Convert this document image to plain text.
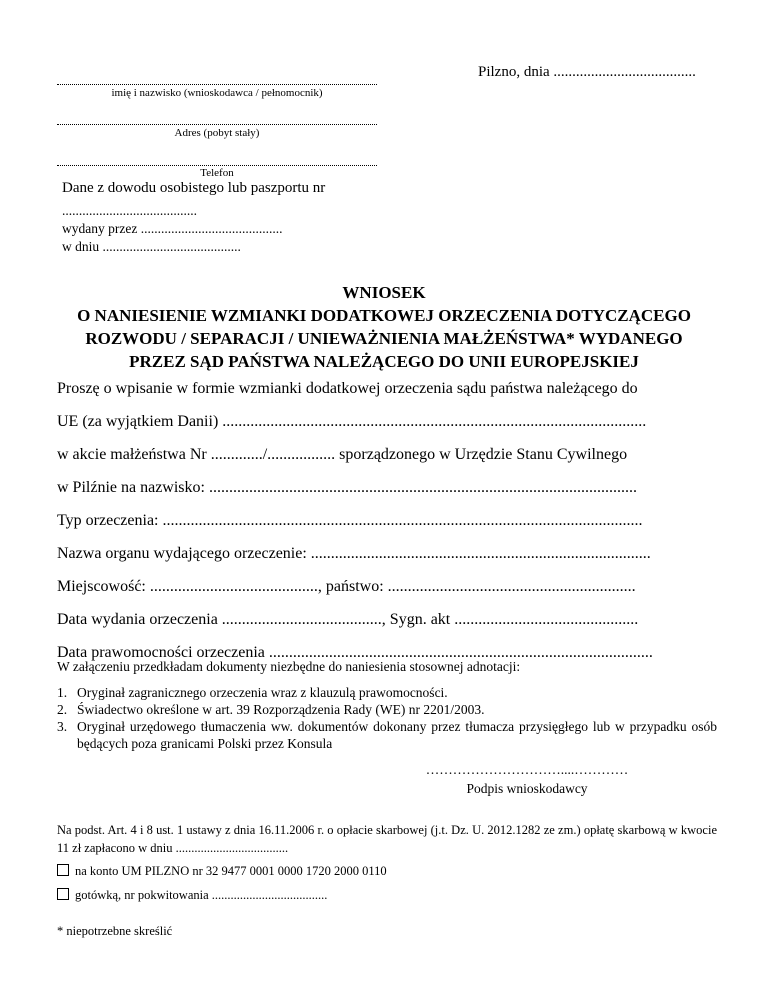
Pilzno, dnia ......................................
imię i nazwisko (wnioskodawca / pełnomocnik)
Adres (pobyt stały)
Telefon
Dane z dowodu osobistego lub paszportu nr
........................................
wydany przez ..........................................
w dniu .........................................
WNIOSEK
O NANIESIENIE WZMIANKI DODATKOWEJ ORZECZENIA DOTYCZĄCEGO
ROZWODU / SEPARACJI / UNIEWAŻNIENIA MAŁŻEŃSTWA* WYDANEGO
PRZEZ SĄD PAŃSTWA NALEŻĄCEGO DO UNII EUROPEJSKIEJ
Proszę o wpisanie w formie wzmianki dodatkowej orzeczenia sądu państwa należącego do
UE (za wyjątkiem Danii) ..........................................................................................................
w akcie małżeństwa Nr ............./................. sporządzonego w Urzędzie Stanu Cywilnego
w Pilźnie na nazwisko: ...........................................................................................................
Typ orzeczenia: ........................................................................................................................
Nazwa organu wydającego orzeczenie: .....................................................................................
Miejscowość: .........................................., państwo: ..............................................................
Data wydania orzeczenia ........................................, Sygn. akt ..............................................
Data prawomocności orzeczenia ................................................................................................
W załączeniu przedkładam dokumenty niezbędne do naniesienia stosownej adnotacji:
1. Oryginał zagranicznego orzeczenia wraz z klauzulą prawomocności.
2. Świadectwo określone w art. 39 Rozporządzenia Rady (WE) nr 2201/2003.
3. Oryginał urzędowego tłumaczenia ww. dokumentów dokonany przez tłumacza przysięgłego lub w przypadku osób będących poza granicami Polski przez Konsula
…………………………....…………
Podpis wnioskodawcy
Na podst. Art. 4 i 8 ust. 1 ustawy z dnia 16.11.2006 r. o opłacie skarbowej (j.t. Dz. U. 2012.1282 ze zm.) opłatę skarbową w kwocie 11 zł zapłacono w dniu ....................................
na konto UM PILZNO nr 32 9477 0001 0000 1720 2000 0110
gotówką, nr pokwitowania .....................................
* niepotrzebne skreślić
